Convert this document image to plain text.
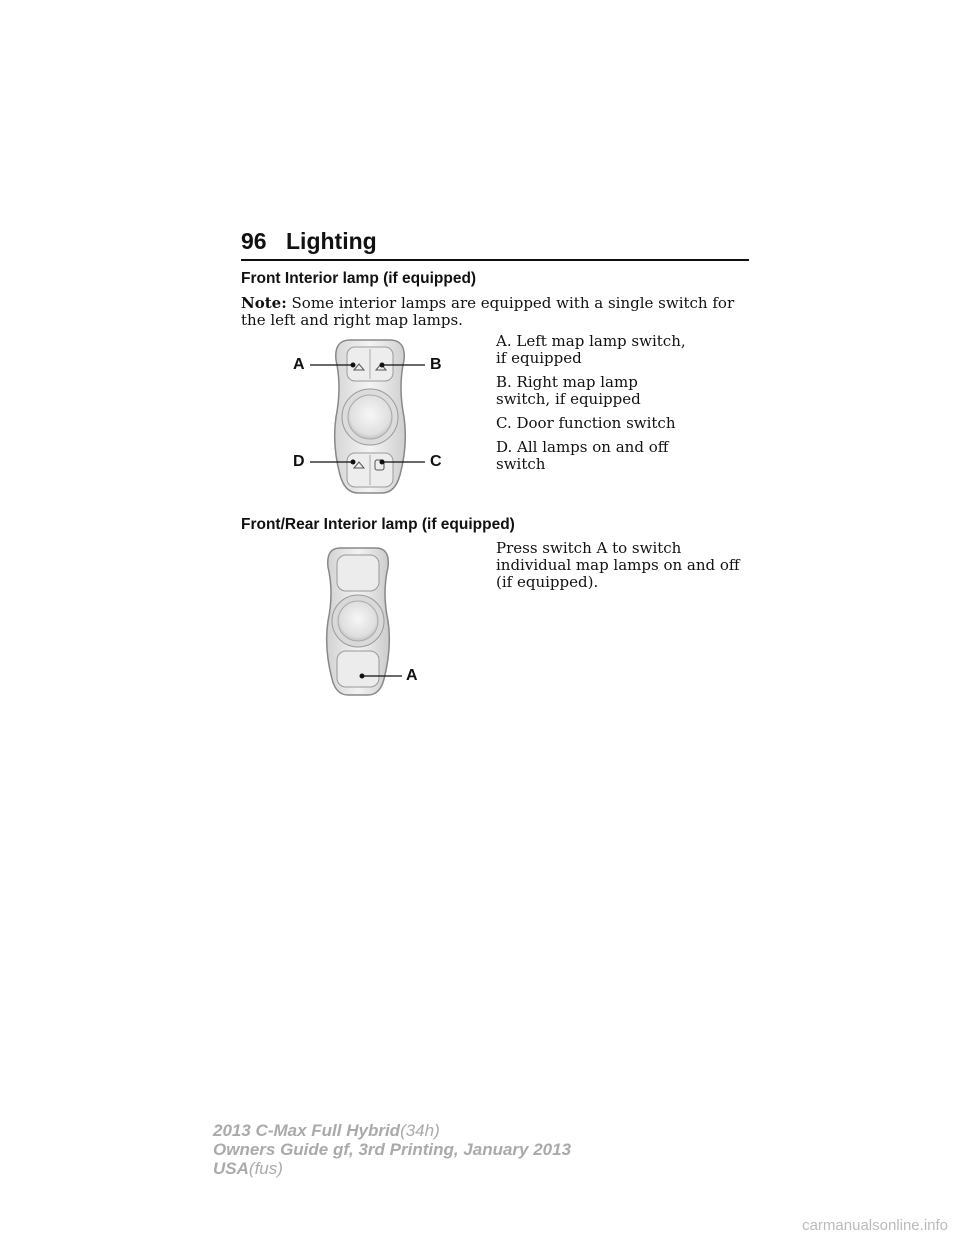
96 Lighting
Front Interior lamp (if equipped)
Note: Some interior lamps are equipped with a single switch for the left and right map lamps.

A. Left map lamp switch, if equipped

B. Right map lamp switch, if equipped

C. Door function switch

D. All lamps on and off switch

A	B
D	C
Front/Rear Interior lamp (if equipped)
Press switch A to switch individual map lamps on and off (if equipped).
A
2013 C-Max Full Hybrid(34h)
Owners Guide gf, 3rd Printing, January 2013
USA(fus)
carmanualsonline.info
